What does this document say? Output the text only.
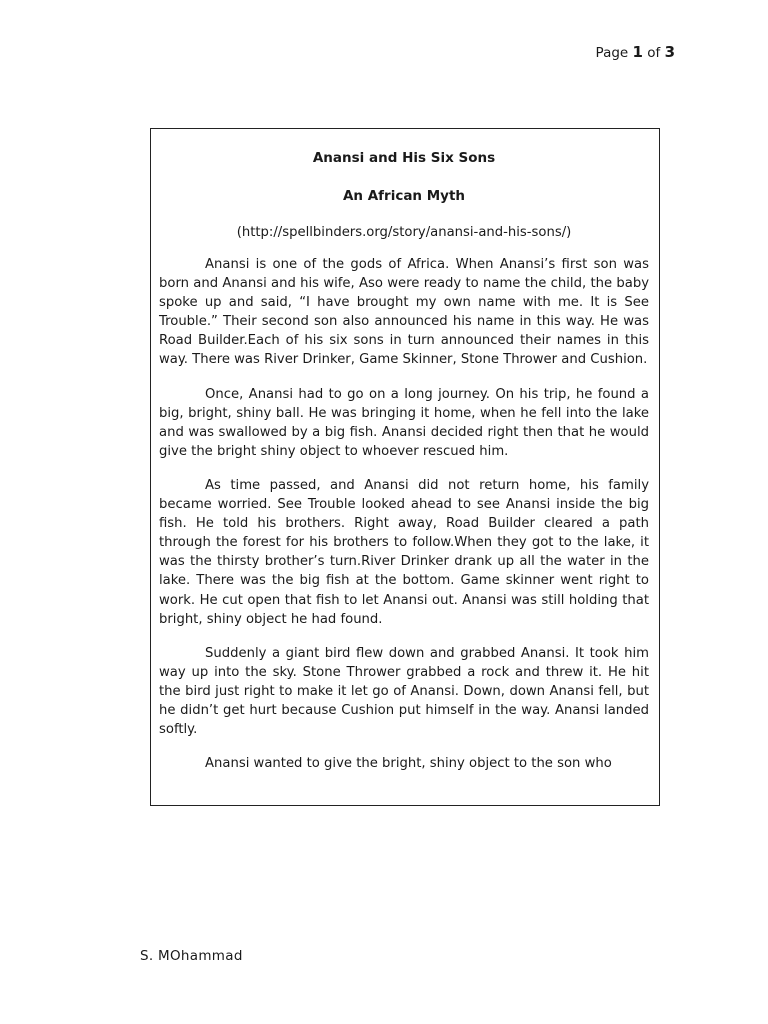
Page 1 of 3
Anansi and His Six Sons
An African Myth
(http://spellbinders.org/story/anansi-and-his-sons/)

Anansi is one of the gods of Africa. When Anansi’s first son was born and Anansi and his wife, Aso were ready to name the child, the baby spoke up and said, “I have brought my own name with me. It is See Trouble.” Their second son also announced his name in this way. He was Road Builder.Each of his six sons in turn announced their names in this way. There was River Drinker, Game Skinner, Stone Thrower and Cushion.

Once, Anansi had to go on a long journey. On his trip, he found a big, bright, shiny ball. He was bringing it home, when he fell into the lake and was swallowed by a big fish. Anansi decided right then that he would give the bright shiny object to whoever rescued him.

As time passed, and Anansi did not return home, his family became worried. See Trouble looked ahead to see Anansi inside the big fish. He told his brothers. Right away, Road Builder cleared a path through the forest for his brothers to follow.When they got to the lake, it was the thirsty brother’s turn.River Drinker drank up all the water in the lake. There was the big fish at the bottom. Game skinner went right to work. He cut open that fish to let Anansi out. Anansi was still holding that bright, shiny object he had found.

Suddenly a giant bird flew down and grabbed Anansi. It took him way up into the sky. Stone Thrower grabbed a rock and threw it. He hit the bird just right to make it let go of Anansi. Down, down Anansi fell, but he didn’t get hurt because Cushion put himself in the way. Anansi landed softly.

Anansi wanted to give the bright, shiny object to the son who

S. MOhammad
